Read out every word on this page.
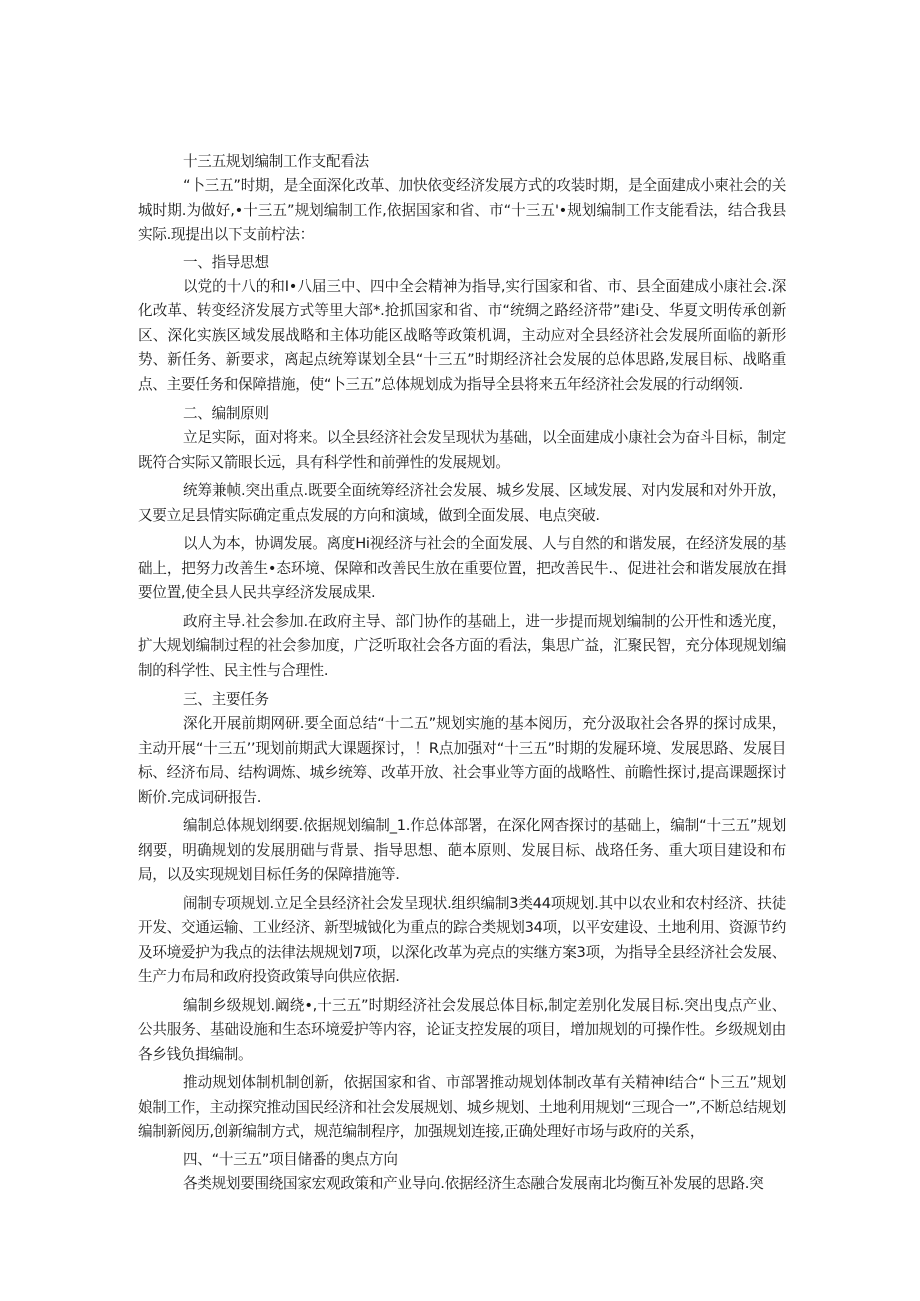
十三五规划编制工作支配看法

“卜三五”时期，是全面深化改革、加快依变经济发展方式的攻装时期，是全面建成小柬社会的关城时期.为做好,•十三五”规划编制工作,依据国家和省、市“十三五'•规划编制工作支能看法，结合我县实际.现提出以下支前柠法：

一、指导思想

以党的十八的和I•八届三中、四中全会精神为指导,实行国家和省、市、县全面建成小康社会.深化改革、转变经济发展方式等里大部*.抢抓国家和省、市“统绸之路经济带”建i殳、华夏文明传承创新区、深化实族区域发展战略和主体功能区战略等政策机调，主动应对全县经济社会发展所面临的新形势、新任务、新要求，离起点统筹谋划全县“十三五”时期经济社会发展的总体思路,发展目标、战略重点、主要任务和保障措施，使“卜三五”总体规划成为指导全县将来五年经济社会发展的行动纲领.

二、编制原则

立足实际，面对将来。以全县经济社会发呈现状为基础，以全面建成小康社会为奋斗目标，制定既符合实际又箭眼长远，具有科学性和前弹性的发展规划。

统筹兼帧.突出重点.既要全面统筹经济社会发展、城乡发展、区域发展、对内发展和对外开放，又要立足县情实际确定重点发展的方向和演域，做到全面发展、电点突破.

以人为本，协调发展。离度Hi视经济与社会的全面发展、人与自然的和谐发展，在经济发展的基础上，把努力改善生•态环境、保障和改善民生放在重要位置，把改善民牛.、促进社会和谐发展放在揖要位置,使全县人民共享经济发展成果.

政府主导.社会参加.在政府主导、部门协作的基础上，进一步提而规划编制的公开性和透光度，扩大规划编制过程的社会参加度，广泛听取社会各方面的看法，集思广益，汇聚民智，充分体现规划编制的科学性、民主性与合理性.

三、主要任务

深化开展前期网研.要全面总结“十二五”规划实施的基本阅历，充分汲取社会各界的探讨成果，主动开展“十三五’’现划前期武大课题探讨，！R点加强对“十三五”时期的发屣环境、发展思路、发展目标、经济布局、结构调炼、城乡统筹、改革开放、社会事业等方面的战略性、前瞻性探讨,提高课题探讨断价.完成词研报告.

编制总体规划纲要.依据规划编制_1.作总体部署，在深化网杳探讨的基础上，编制“十三五”规划纲要，明确规划的发展朋础与背景、指导思想、葩本原则、发展目标、战珞任务、重大项目建设和布局，以及实现规划目标任务的保障措施等.

闹制专项规划.立足全县经济社会发呈现状.组织编制3类44项规划.其中以农业和农村经济、扶徒开发、交通运输、工业经济、新型城钺化为重点的踪合类规划34项，以平安建设、土地利用、资源节约及环境爱护为我点的法律法规规划7项，以深化改革为亮点的实继方案3项，为指导全县经济社会发展、生产力布局和政府投资政策导向供应依据.

编制乡级规划.阚绕•,十三五”时期经济社会发展总体目标,制定差别化发展目标.突出曳点产业、公共服务、基础设施和生态环境爱护等内容，论证支控发展的项目，增加规划的可操作性。乡级规划由各乡钱负揖编制。

推动规划体制机制创新，依据国家和省、市部署推动规划体制改革有关精神I结合“卜三五”规划娘制工作，主动探究推动国民经济和社会发展规划、城乡规划、土地利用规划“三现合一”,不断总结规划编制新阅历,创新编制方式，规范编制程序，加强规划连接,正确处理好市场与政府的关系，

四、“十三五”项目储番的奥点方向

各类规划要围绕国家宏观政策和产业导向.依据经济生态融合发展南北均衡互补发展的思路.突
